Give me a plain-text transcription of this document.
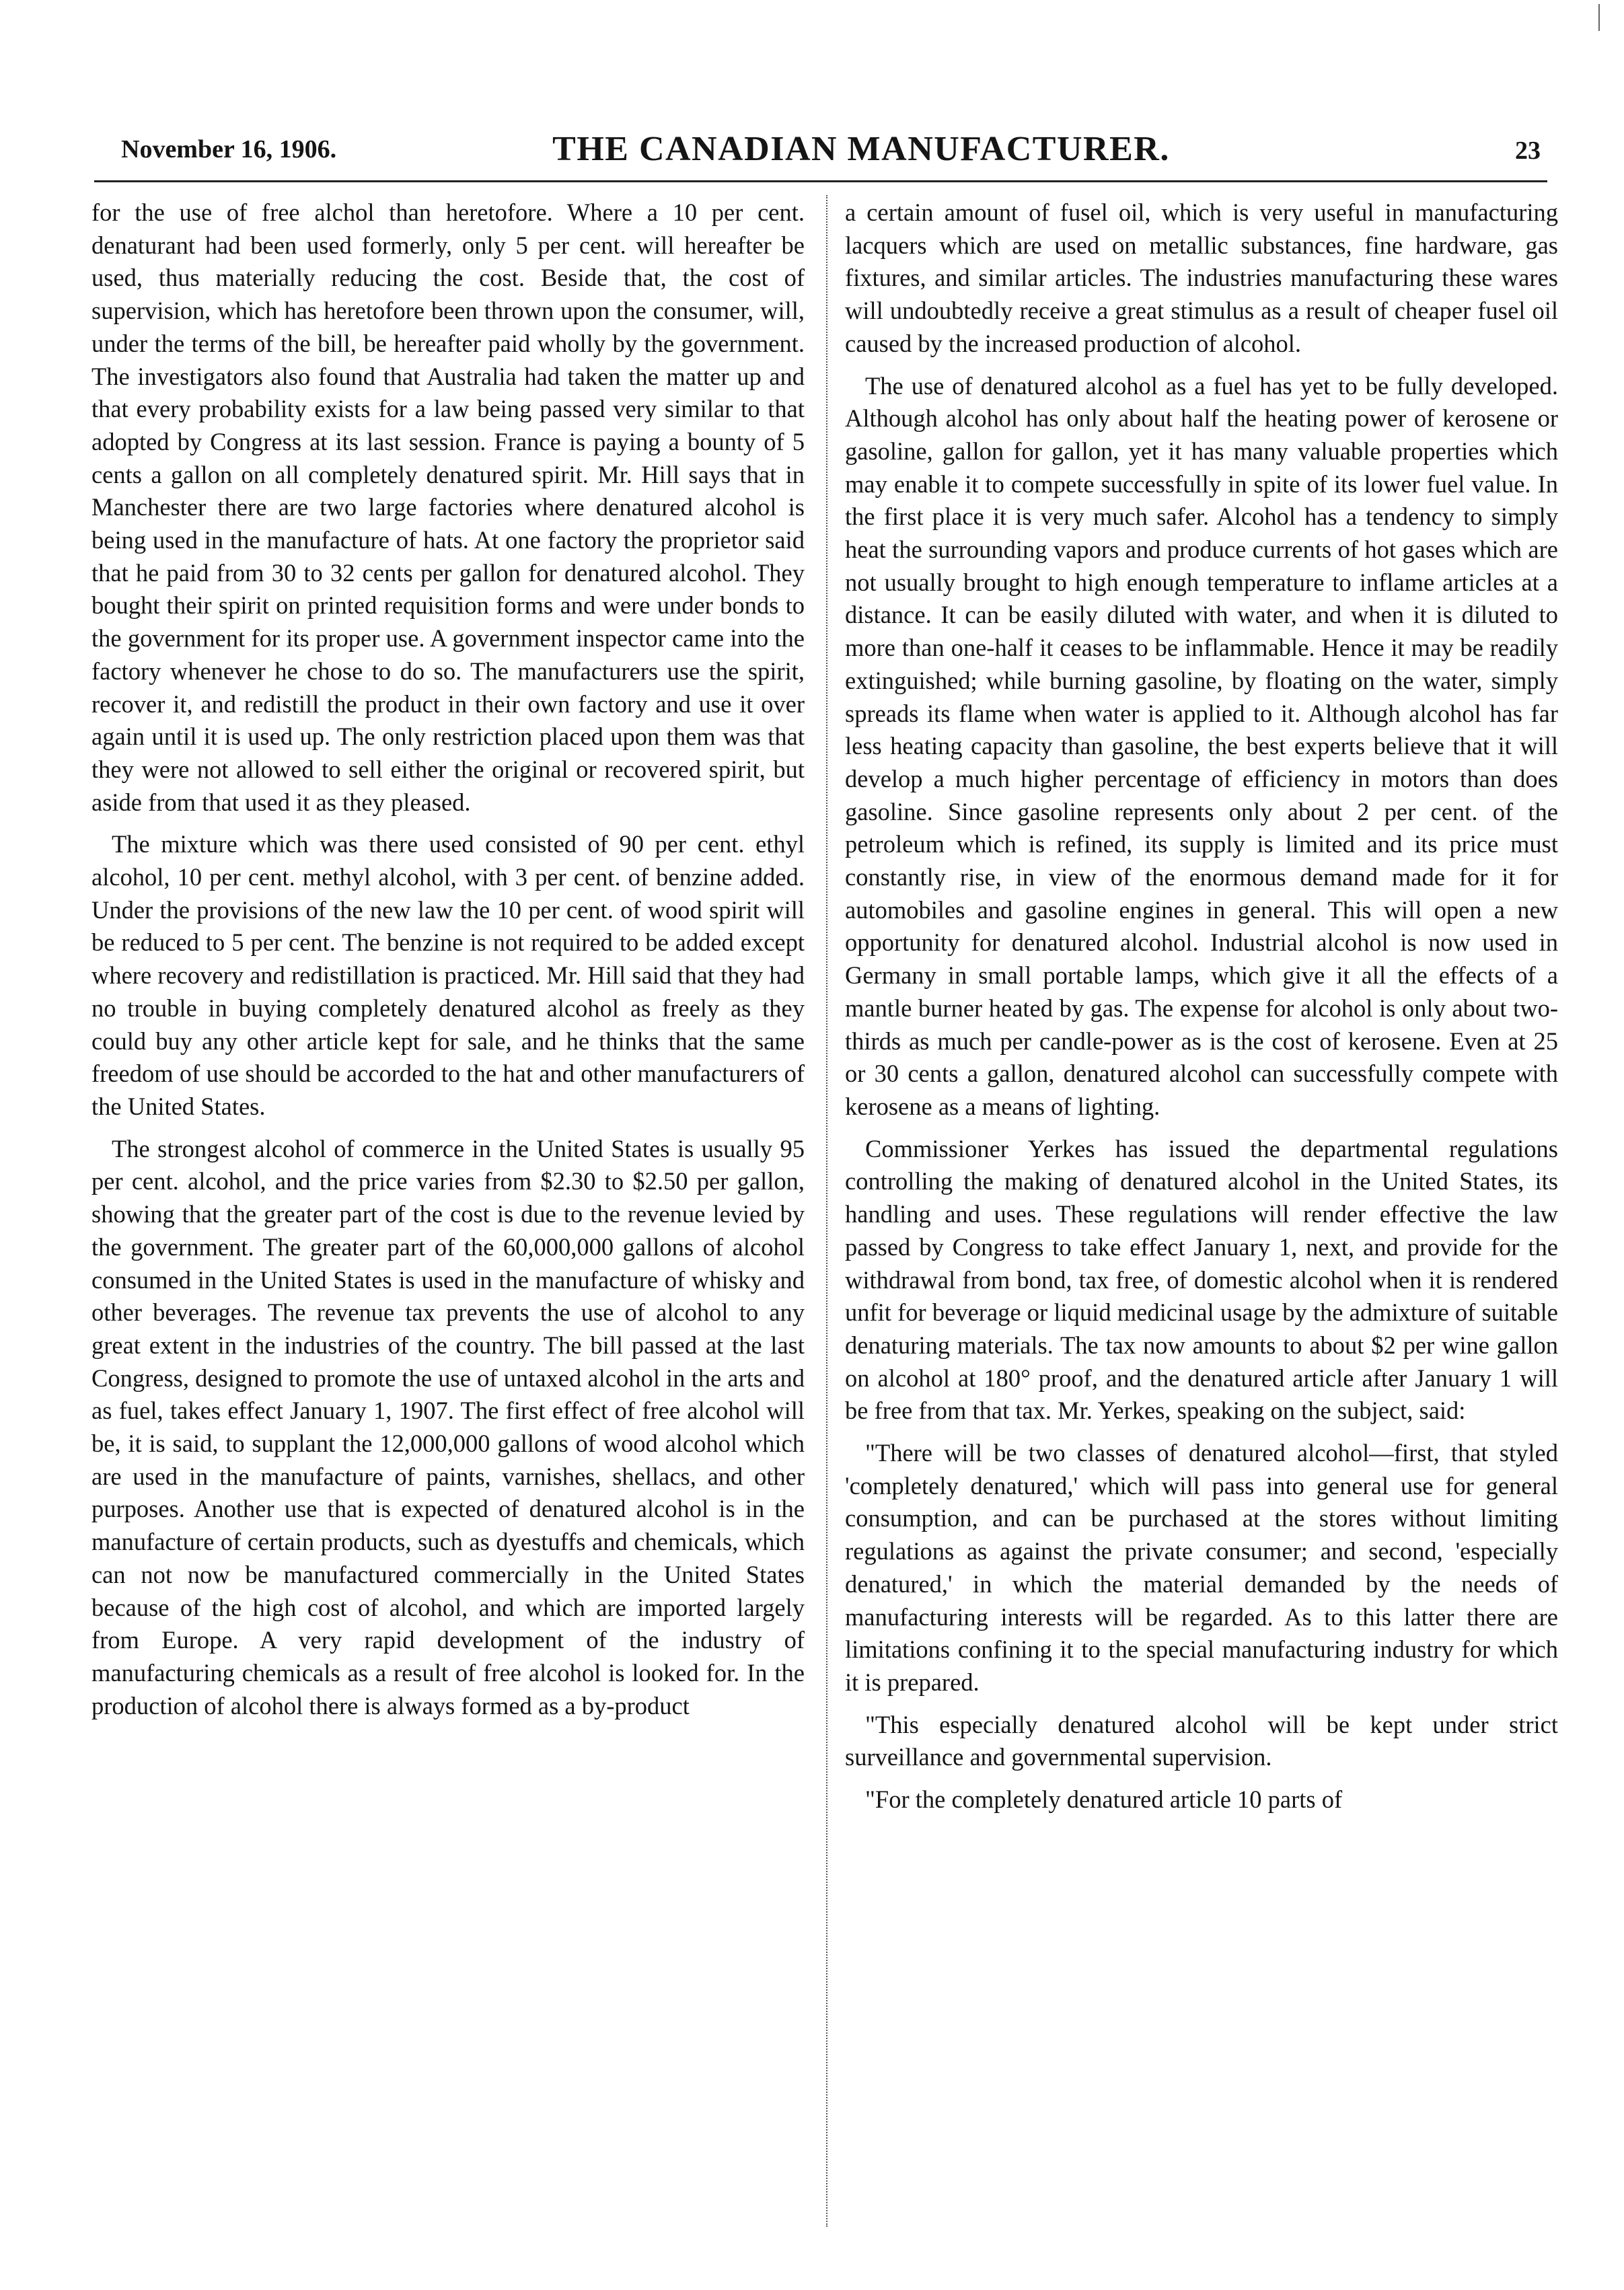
November 16, 1906.	THE CANADIAN MANUFACTURER.	23

for the use of free alchol than heretofore. Where a 10 per cent. denaturant had been used formerly, only 5 per cent. will hereafter be used, thus materially reducing the cost. Beside that, the cost of supervision, which has heretofore been thrown upon the consumer, will, under the terms of the bill, be hereafter paid wholly by the government. The investigators also found that Australia had taken the matter up and that every probability exists for a law being passed very similar to that adopted by Congress at its last session. France is paying a bounty of 5 cents a gallon on all completely denatured spirit. Mr. Hill says that in Manchester there are two large factories where denatured alcohol is being used in the manufacture of hats. At one factory the proprietor said that he paid from 30 to 32 cents per gallon for denatured alcohol. They bought their spirit on printed requisition forms and were under bonds to the government for its proper use. A government inspector came into the factory whenever he chose to do so. The manufacturers use the spirit, recover it, and redistill the product in their own factory and use it over again until it is used up. The only restriction placed upon them was that they were not allowed to sell either the original or recovered spirit, but aside from that used it as they pleased.

The mixture which was there used consisted of 90 per cent. ethyl alcohol, 10 per cent. methyl alcohol, with 3 per cent. of benzine added. Under the provisions of the new law the 10 per cent. of wood spirit will be reduced to 5 per cent. The benzine is not required to be added except where recovery and redistillation is practiced. Mr. Hill said that they had no trouble in buying completely denatured alcohol as freely as they could buy any other article kept for sale, and he thinks that the same freedom of use should be accorded to the hat and other manufacturers of the United States.

The strongest alcohol of commerce in the United States is usually 95 per cent. alcohol, and the price varies from $2.30 to $2.50 per gallon, showing that the greater part of the cost is due to the revenue levied by the government. The greater part of the 60,000,000 gallons of alcohol consumed in the United States is used in the manufacture of whisky and other beverages. The revenue tax prevents the use of alcohol to any great extent in the industries of the country. The bill passed at the last Congress, designed to promote the use of untaxed alcohol in the arts and as fuel, takes effect January 1, 1907. The first effect of free alcohol will be, it is said, to supplant the 12,000,000 gallons of wood alcohol which are used in the manufacture of paints, varnishes, shellacs, and other purposes. Another use that is expected of denatured alcohol is in the manufacture of certain products, such as dyestuffs and chemicals, which can not now be manufactured commercially in the United States because of the high cost of alcohol, and which are imported largely from Europe. A very rapid development of the industry of manufacturing chemicals as a result of free alcohol is looked for. In the production of alcohol there is always formed as a by-product

a certain amount of fusel oil, which is very useful in manufacturing lacquers which are used on metallic substances, fine hardware, gas fixtures, and similar articles. The industries manufacturing these wares will undoubtedly receive a great stimulus as a result of cheaper fusel oil caused by the increased production of alcohol.

The use of denatured alcohol as a fuel has yet to be fully developed. Although alcohol has only about half the heating power of kerosene or gasoline, gallon for gallon, yet it has many valuable properties which may enable it to compete successfully in spite of its lower fuel value. In the first place it is very much safer. Alcohol has a tendency to simply heat the surrounding vapors and produce currents of hot gases which are not usually brought to high enough temperature to inflame articles at a distance. It can be easily diluted with water, and when it is diluted to more than one-half it ceases to be inflammable. Hence it may be readily extinguished; while burning gasoline, by floating on the water, simply spreads its flame when water is applied to it. Although alcohol has far less heating capacity than gasoline, the best experts believe that it will develop a much higher percentage of efficiency in motors than does gasoline. Since gasoline represents only about 2 per cent. of the petroleum which is refined, its supply is limited and its price must constantly rise, in view of the enormous demand made for it for automobiles and gasoline engines in general. This will open a new opportunity for denatured alcohol. Industrial alcohol is now used in Germany in small portable lamps, which give it all the effects of a mantle burner heated by gas. The expense for alcohol is only about two-thirds as much per candle-power as is the cost of kerosene. Even at 25 or 30 cents a gallon, denatured alcohol can successfully compete with kerosene as a means of lighting.

Commissioner Yerkes has issued the departmental regulations controlling the making of denatured alcohol in the United States, its handling and uses. These regulations will render effective the law passed by Congress to take effect January 1, next, and provide for the withdrawal from bond, tax free, of domestic alcohol when it is rendered unfit for beverage or liquid medicinal usage by the admixture of suitable denaturing materials. The tax now amounts to about $2 per wine gallon on alcohol at 180° proof, and the denatured article after January 1 will be free from that tax. Mr. Yerkes, speaking on the subject, said:

"There will be two classes of denatured alcohol—first, that styled 'completely denatured,' which will pass into general use for general consumption, and can be purchased at the stores without limiting regulations as against the private consumer; and second, 'especially denatured,' in which the material demanded by the needs of manufacturing interests will be regarded. As to this latter there are limitations confining it to the special manufacturing industry for which it is prepared.

"This especially denatured alcohol will be kept under strict surveillance and governmental supervision.

"For the completely denatured article 10 parts of
